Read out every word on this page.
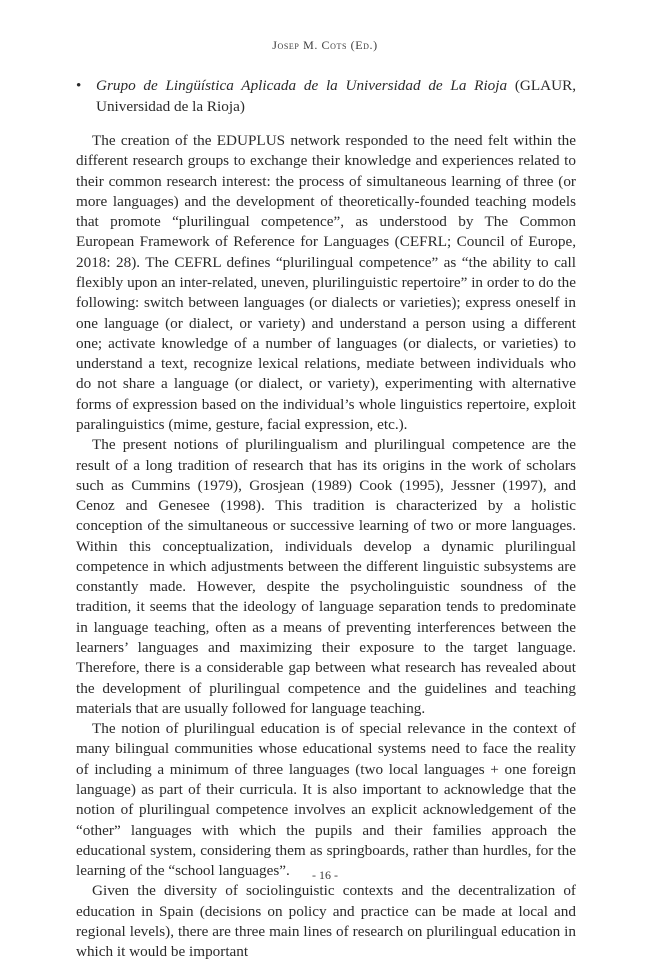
Josep M. Cots (Ed.)
• Grupo de Lingüística Aplicada de la Universidad de La Rioja (GLAUR, Universidad de la Rioja)

The creation of the EDUPLUS network responded to the need felt within the different research groups to exchange their knowledge and experiences related to their common research interest: the process of simultaneous learning of three (or more languages) and the development of theoretically-founded teaching models that promote “plurilingual competence”, as understood by The Common European Framework of Reference for Languages (CEFRL; Council of Europe, 2018: 28). The CEFRL defines “plurilingual competence” as “the ability to call flexibly upon an inter-related, uneven, plurilinguistic repertoire” in order to do the following: switch between languages (or dialects or varieties); express oneself in one language (or dialect, or variety) and understand a person using a different one; activate knowledge of a number of languages (or dialects, or varieties) to understand a text, recognize lexical relations, mediate between individuals who do not share a language (or dialect, or variety), experimenting with alternative forms of expression based on the individual’s whole linguistics repertoire, exploit paralinguistics (mime, gesture, facial expression, etc.).

The present notions of plurilingualism and plurilingual competence are the result of a long tradition of research that has its origins in the work of scholars such as Cummins (1979), Grosjean (1989) Cook (1995), Jessner (1997), and Cenoz and Genesee (1998). This tradition is characterized by a holistic conception of the simultaneous or successive learning of two or more languages. Within this conceptualization, individuals develop a dynamic plurilingual competence in which adjustments between the different linguistic subsystems are constantly made. However, despite the psycholinguistic soundness of the tradition, it seems that the ideology of language separation tends to predominate in language teaching, often as a means of preventing interferences between the learners’ languages and maximizing their exposure to the target language. Therefore, there is a considerable gap between what research has revealed about the development of plurilingual competence and the guidelines and teaching materials that are usually followed for language teaching.

The notion of plurilingual education is of special relevance in the context of many bilingual communities whose educational systems need to face the reality of including a minimum of three languages (two local languages + one foreign language) as part of their curricula. It is also important to acknowledge that the notion of plurilingual competence involves an explicit acknowledgement of the “other” languages with which the pupils and their families approach the educational system, considering them as springboards, rather than hurdles, for the learning of the “school languages”.

Given the diversity of sociolinguistic contexts and the decentralization of education in Spain (decisions on policy and practice can be made at local and regional levels), there are three main lines of research on plurilingual education in which it would be important

- 16 -
